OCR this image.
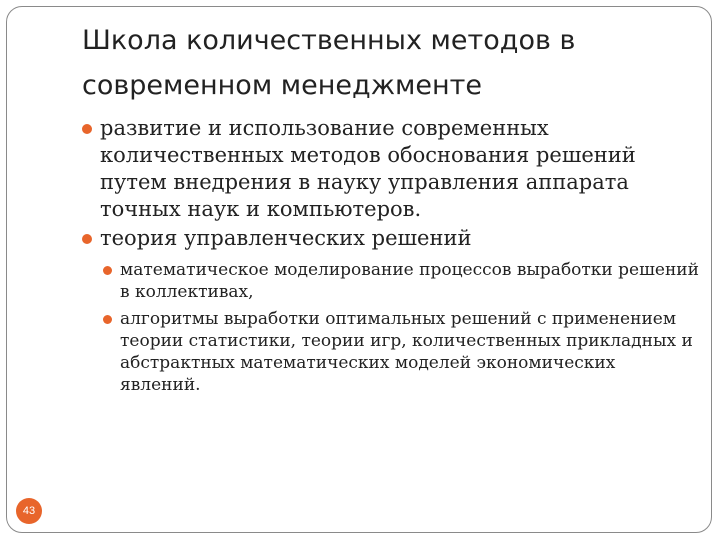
Школа количественных методов в
современном менеджменте
развитие и использование современных количественных методов обоснования решений путем внедрения в науку управления аппарата точных наук и компьютеров.
теория управленческих решений
математическое моделирование процессов выработки решений в коллективах,
алгоритмы выработки оптимальных решений с применением теории статистики, теории игр, количественных прикладных и абстрактных математических моделей экономических явлений.
43
